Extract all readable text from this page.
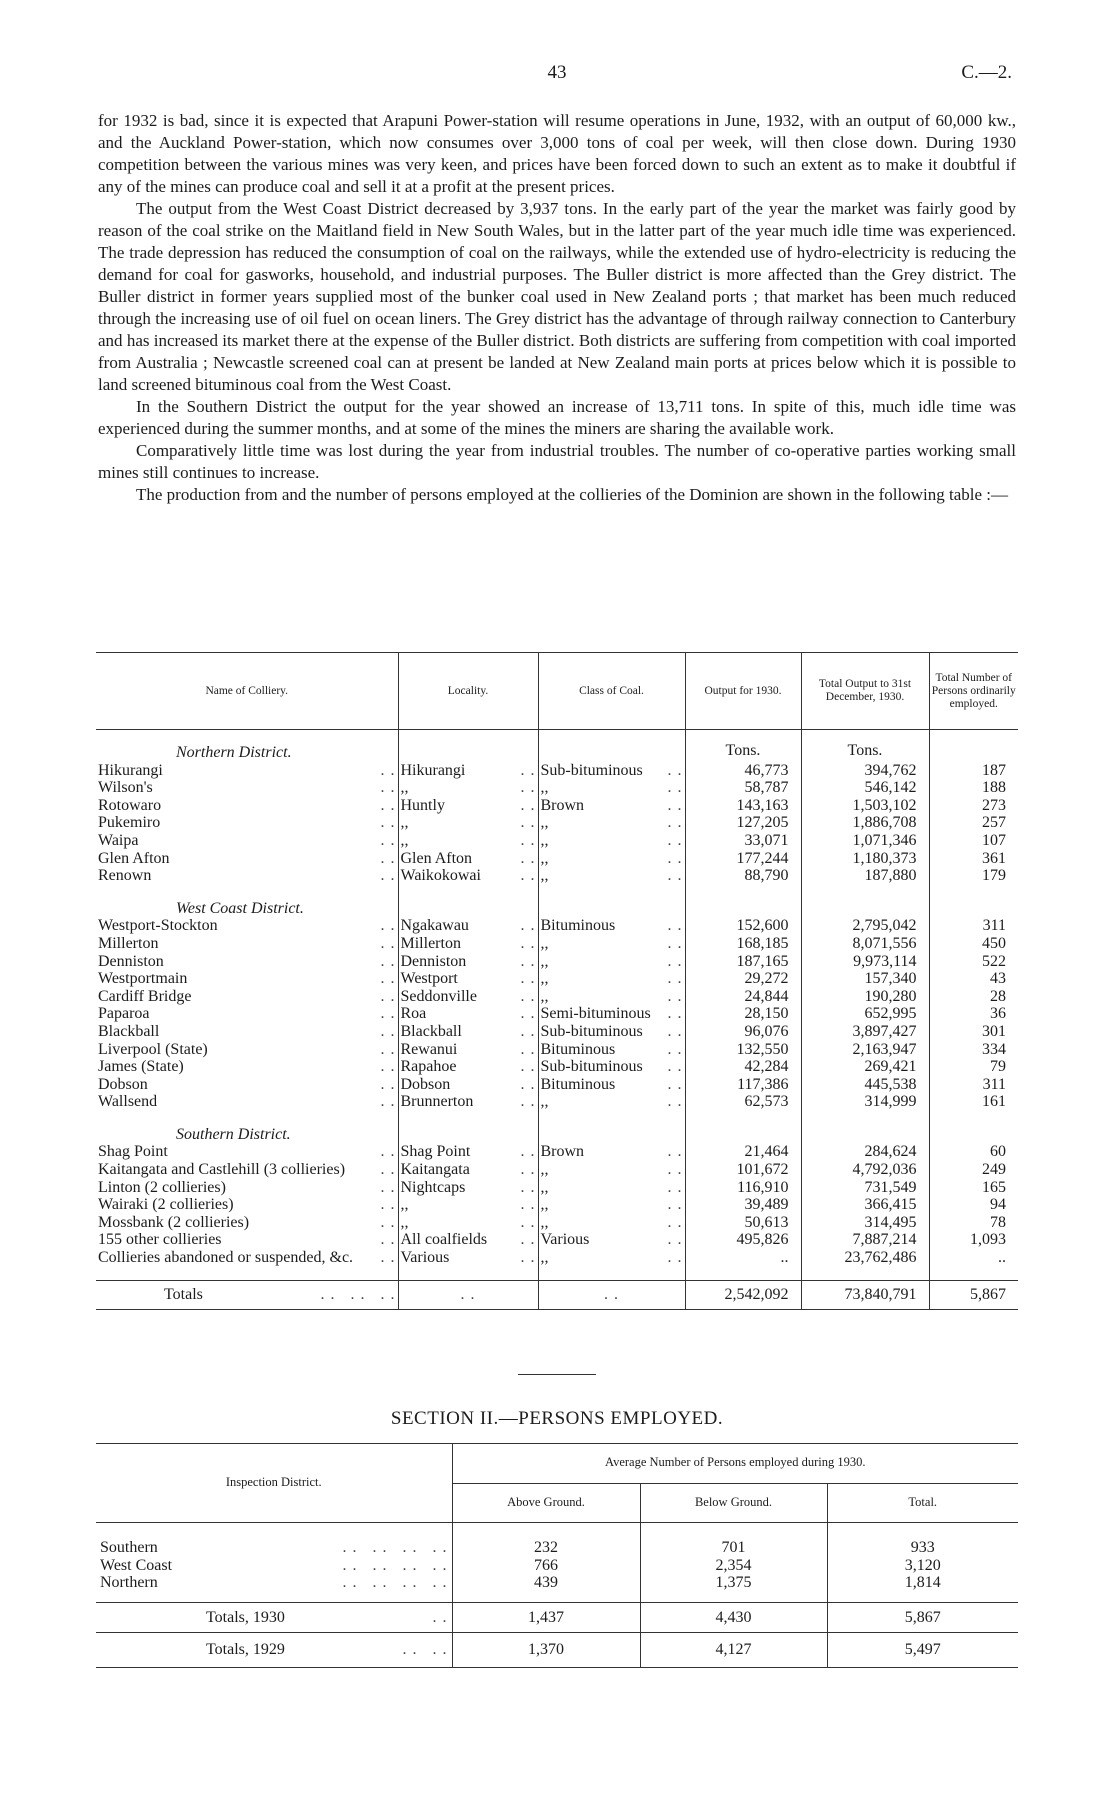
43	C.—2.

for 1932 is bad, since it is expected that Arapuni Power-station will resume operations in June, 1932, with an output of 60,000 kw., and the Auckland Power-station, which now consumes over 3,000 tons of coal per week, will then close down. During 1930 competition between the various mines was very keen, and prices have been forced down to such an extent as to make it doubtful if any of the mines can produce coal and sell it at a profit at the present prices.

The output from the West Coast District decreased by 3,937 tons. In the early part of the year the market was fairly good by reason of the coal strike on the Maitland field in New South Wales, but in the latter part of the year much idle time was experienced. The trade depression has reduced the consumption of coal on the railways, while the extended use of hydro-electricity is reducing the demand for coal for gasworks, household, and industrial purposes. The Buller district is more affected than the Grey district. The Buller district in former years supplied most of the bunker coal used in New Zealand ports ; that market has been much reduced through the increasing use of oil fuel on ocean liners. The Grey district has the advantage of through railway connection to Canterbury and has increased its market there at the expense of the Buller district. Both districts are suffering from competition with coal imported from Australia ; Newcastle screened coal can at present be landed at New Zealand main ports at prices below which it is possible to land screened bituminous coal from the West Coast.

In the Southern District the output for the year showed an increase of 13,711 tons. In spite of this, much idle time was experienced during the summer months, and at some of the mines the miners are sharing the available work.

Comparatively little time was lost during the year from industrial troubles. The number of co-operative parties working small mines still continues to increase.

The production from and the number of persons employed at the collieries of the Dominion are shown in the following table :—

Name of Colliery.	Locality.	Class of Coal.	Output for 1930.	Total Output to 31st December, 1930.	Total Number of Persons ordinarily employed.

Northern District.			Tons.	Tons.	

Hikurangi . .	Hikurangi . .	Sub-bituminous . .	46,773	394,762	187

Wilson's . .	,, . .	,, . .	58,787	546,142	188

Rotowaro . .	Huntly . .	Brown . .	143,163	1,503,102	273

Pukemiro . .	,, . .	,, . .	127,205	1,886,708	257

Waipa . .	,, . .	,, . .	33,071	1,071,346	107

Glen Afton . .	Glen Afton . .	,, . .	177,244	1,180,373	361

Renown . .	Waikokowai . .	,, . .	88,790	187,880	179

West Coast District.					

Westport-Stockton . .	Ngakawau . .	Bituminous . .	152,600	2,795,042	311

Millerton . .	Millerton . .	,, . .	168,185	8,071,556	450

Denniston . .	Denniston . .	,, . .	187,165	9,973,114	522

Westportmain . .	Westport . .	,, . .	29,272	157,340	43

Cardiff Bridge . .	Seddonville . .	,, . .	24,844	190,280	28

Paparoa . .	Roa . .	Semi-bituminous . .	28,150	652,995	36

Blackball . .	Blackball . .	Sub-bituminous . .	96,076	3,897,427	301

Liverpool (State) . .	Rewanui . .	Bituminous . .	132,550	2,163,947	334

James (State) . .	Rapahoe . .	Sub-bituminous . .	42,284	269,421	79

Dobson . .	Dobson . .	Bituminous . .	117,386	445,538	311

Wallsend . .	Brunnerton . .	,, . .	62,573	314,999	161

Southern District.					

Shag Point . .	Shag Point . .	Brown . .	21,464	284,624	60

Kaitangata and Castlehill (3 collieries) . .	Kaitangata . .	,, . .	101,672	4,792,036	249

Linton (2 collieries) . .	Nightcaps . .	,, . .	116,910	731,549	165

Wairaki (2 collieries) . .	,, . .	,, . .	39,489	366,415	94

Mossbank (2 collieries) . .	,, . .	,, . .	50,613	314,495	78

155 other collieries . .	All coalfields . .	Various . .	495,826	7,887,214	1,093

Collieries abandoned or suspended, &c. . .	Various . .	,, . .	..	23,762,486	..

Totals . .   . .   . .	. .	. .	2,542,092	73,840,791	5,867
SECTION II.—PERSONS EMPLOYED.
Inspection District.	Average Number of Persons employed during 1930.		
	Above Ground.	Below Ground.	Total.

Southern . .   . .   . .   . .	232	701	933

West Coast . .   . .   . .   . .	766	2,354	3,120

Northern . .   . .   . .   . .	439	1,375	1,814

Totals, 1930 . .	1,437	4,430	5,867

Totals, 1929 . .   . .	1,370	4,127	5,497
